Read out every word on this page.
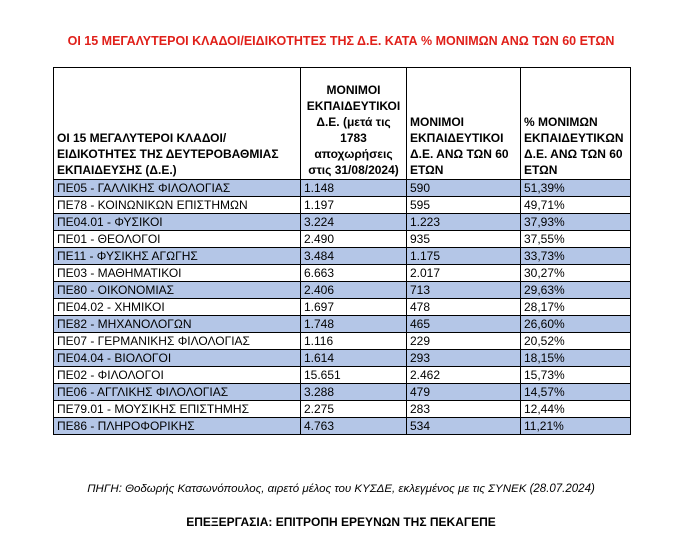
ΟΙ 15 ΜΕΓΑΛΥΤΕΡΟΙ ΚΛΑΔΟΙ/ΕΙΔΙΚΟΤΗΤΕΣ ΤΗΣ Δ.Ε. ΚΑΤΑ % ΜΟΝΙΜΩΝ ΑΝΩ ΤΩΝ 60 ΕΤΩΝ
ΟΙ 15 ΜΕΓΑΛΥΤΕΡΟΙ ΚΛΑΔΟΙ/ΕΙΔΙΚΟΤΗΤΕΣ ΤΗΣ ΔΕΥΤΕΡΟΒΑΘΜΙΑΣ ΕΚΠΑΙΔΕΥΣΗΣ (Δ.Ε.)	ΜΟΝΙΜΟΙ ΕΚΠΑΙΔΕΥΤΙΚΟΙ Δ.Ε. (μετά τις 1783 αποχωρήσεις στις 31/08/2024)	ΜΟΝΙΜΟΙ ΕΚΠΑΙΔΕΥΤΙΚΟΙ Δ.Ε. ΑΝΩ ΤΩΝ 60 ΕΤΩΝ	% ΜΟΝΙΜΩΝ ΕΚΠΑΙΔΕΥΤΙΚΩΝ Δ.Ε. ΑΝΩ ΤΩΝ 60 ΕΤΩΝ
ΠΕ05 - ΓΑΛΛΙΚΗΣ ΦΙΛΟΛΟΓΙΑΣ	1.148	590	51,39%
ΠΕ78 - ΚΟΙΝΩΝΙΚΩΝ ΕΠΙΣΤΗΜΩΝ	1.197	595	49,71%
ΠΕ04.01 - ΦΥΣΙΚΟΙ	3.224	1.223	37,93%
ΠΕ01 - ΘΕΟΛΟΓΟΙ	2.490	935	37,55%
ΠΕ11 - ΦΥΣΙΚΗΣ ΑΓΩΓΗΣ	3.484	1.175	33,73%
ΠΕ03 - ΜΑΘΗΜΑΤΙΚΟΙ	6.663	2.017	30,27%
ΠΕ80 - ΟΙΚΟΝΟΜΙΑΣ	2.406	713	29,63%
ΠΕ04.02 - ΧΗΜΙΚΟΙ	1.697	478	28,17%
ΠΕ82 - ΜΗΧΑΝΟΛΟΓΩΝ	1.748	465	26,60%
ΠΕ07 - ΓΕΡΜΑΝΙΚΗΣ ΦΙΛΟΛΟΓΙΑΣ	1.116	229	20,52%
ΠΕ04.04 - ΒΙΟΛΟΓΟΙ	1.614	293	18,15%
ΠΕ02 - ΦΙΛΟΛΟΓΟΙ	15.651	2.462	15,73%
ΠΕ06 - ΑΓΓΛΙΚΗΣ ΦΙΛΟΛΟΓΙΑΣ	3.288	479	14,57%
ΠΕ79.01 - ΜΟΥΣΙΚΗΣ ΕΠΙΣΤΗΜΗΣ	2.275	283	12,44%
ΠΕ86 - ΠΛΗΡΟΦΟΡΙΚΗΣ	4.763	534	11,21%
ΠΗΓΗ: Θοδωρής Κατσωνόπουλος, αιρετό μέλος του ΚΥΣΔΕ, εκλεγμένος με τις ΣΥΝΕΚ (28.07.2024)
ΕΠΕΞΕΡΓΑΣΙΑ: ΕΠΙΤΡΟΠΗ ΕΡΕΥΝΩΝ ΤΗΣ ΠΕΚΑΓΕΠΕ
